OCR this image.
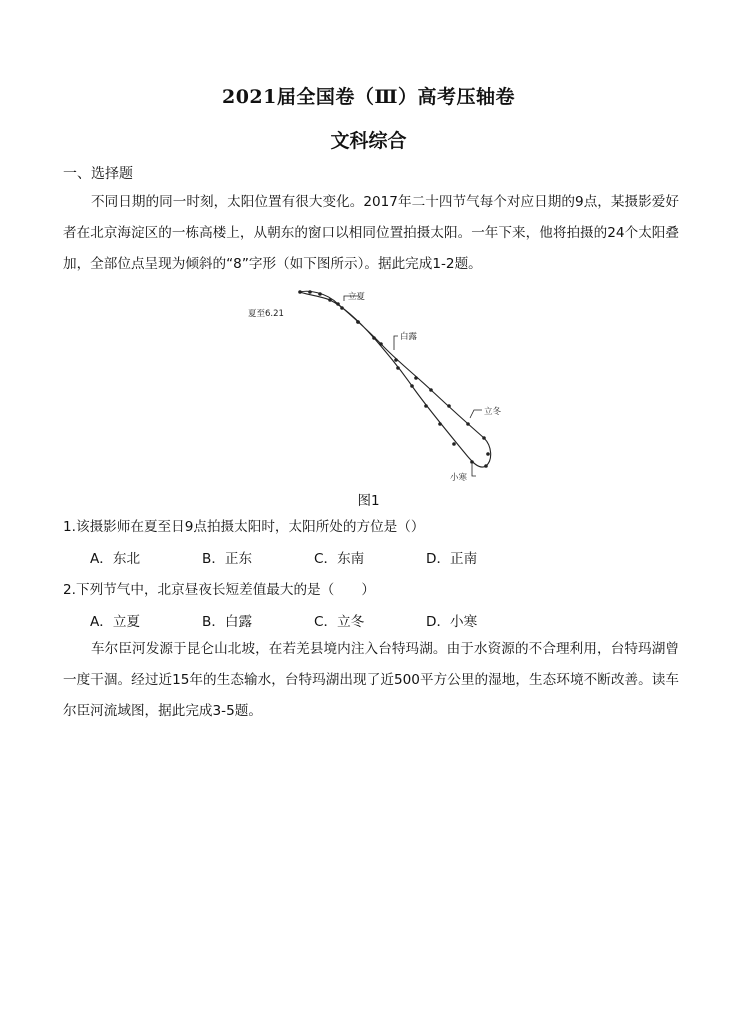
2021届全国卷（Ⅲ）高考压轴卷
文科综合
一、选择题
不同日期的同一时刻，太阳位置有很大变化。2017年二十四节气每个对应日期的9点，某摄影爱好者在北京海淀区的一栋高楼上，从朝东的窗口以相同位置拍摄太阳。一年下来，他将拍摄的24个太阳叠加，全部位点呈现为倾斜的“8”字形（如下图所示）。据此完成1-2题。
夏至6.21
立夏
白露
立冬
小寒
图1
1.该摄影师在夏至日9点拍摄太阳时，太阳所处的方位是（）
A．东北	B．正东	C．东南	D．正南
2.下列节气中，北京昼夜长短差值最大的是（　　）
A．立夏	B．白露	C．立冬	D．小寒
车尔臣河发源于昆仑山北坡，在若羌县境内注入台特玛湖。由于水资源的不合理利用，台特玛湖曾一度干涸。经过近15年的生态输水，台特玛湖出现了近500平方公里的湿地，生态环境不断改善。读车尔臣河流域图，据此完成3-5题。
